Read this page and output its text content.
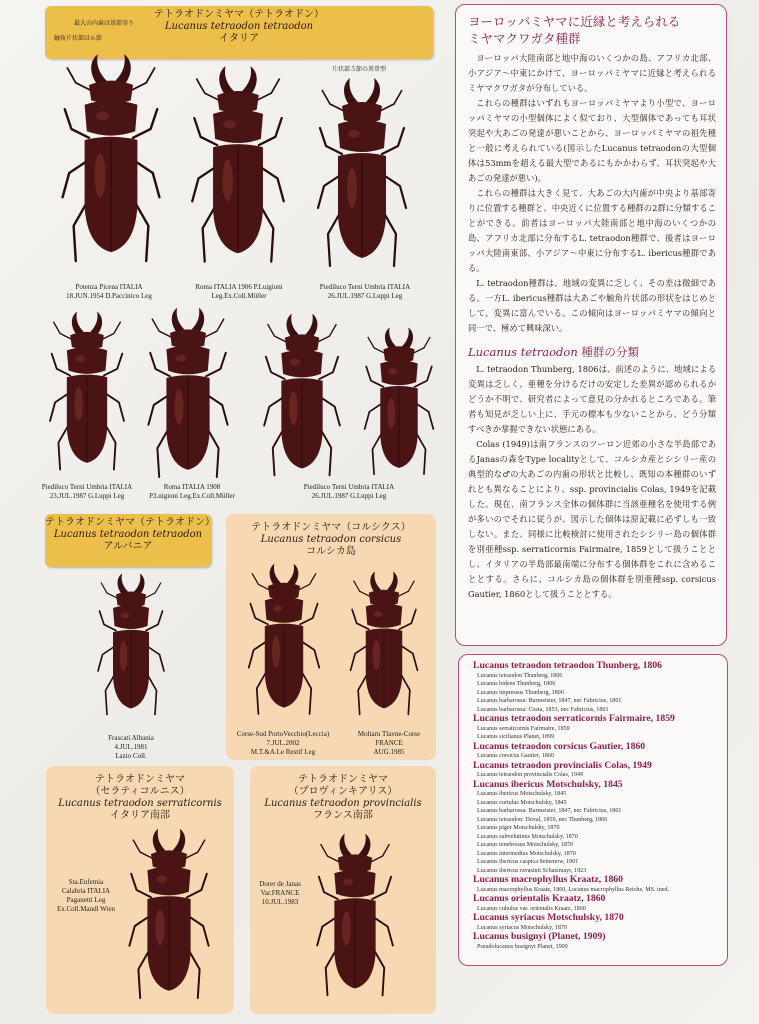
テトラオドンミヤマ（テトラオドン）
Lucanus tetraodon tetraodon
イタリア
最大の内歯は基部寄り
触角片状部は６節
片状部５節の異常型
Potenza Picena ITALIA
18.JUN.1954 D.Paccinico Leg
Roma ITALIA 1906 P.Luigioni
Leg.Ex.Coll.Müller
Piediluco Terni Umbria ITALIA
26.JUL.1987 G.Luppi Leg
Piediluco Terni Umbria ITALIA
23.JUL.1987 G.Luppi Leg
Roma ITALIA 1908
P.Luigioni Leg.Ex.Coll.Müller
Piediluco Terni Umbria ITALIA
26.JUL.1987 G.Luppi Leg
テトラオドンミヤマ（テトラオドン）
Lucanus tetraodon tetraodon
アルバニア
Frascati Albania
4.JUL.1981
Lazio Coll.
テトラオドンミヤマ（コルシクス）
Lucanus tetraodon corsicus
コルシカ島
Corse-Sud PortoVecchio(Leccia)
7.JUL.2002
M.T.&A.Le Restif Leg
Moltaru Tlavne-Corse
FRANCE
AUG.1985
テトラオドンミヤマ
（セラティコルニス）
Lucanus tetraodon serraticornis
イタリア南部
Sta.Eufemia
Calabria ITALIA
Paganetti Leg
Ex.Coll.Mandl Wien
テトラオドンミヤマ
（プロヴィンキアリス）
Lucanus tetraodon provincialis
フランス南部
Dorer de Janas
Var.FRANCE
10.JUL.1983
ヨーロッパミヤマに近縁と考えられる
ミヤマクワガタ種群

ヨーロッパ大陸南部と地中海のいくつかの島、アフリカ北部、小アジア～中東にかけて、ヨーロッパミヤマに近縁と考えられるミヤマクワガタが分布している。

これらの種群はいずれもヨーロッパミヤマより小型で、ヨーロッパミヤマの小型個体によく似ており、大型個体であっても耳状突起や大あごの発達が悪いことから、ヨーロッパミヤマの祖先種と一般に考えられている(図示したLucanus tetraodonの大型個体は53mmを超える最大型であるにもかかわらず、耳状突起や大あごの発達が悪い)。

これらの種群は大きく見て、大あごの大内歯が中央より基部寄りに位置する種群と、中央近くに位置する種群の2群に分類することができる。前者はヨーロッパ大陸南部と地中海のいくつかの島、アフリカ北部に分布するL. tetraodon種群で、後者はヨーロッパ大陸南東部、小アジア～中東に分布するL. ibericus種群である。

L. tetraodon種群は、地域の変異に乏しく、その差は微細である。一方L. ibericus種群は大あごや触角片状部の形状をはじめとして、変異に富んでいる。この傾向はヨーロッパミヤマの傾向と同一で、極めて興味深い。

Lucanus tetraodon 種群の分類

L. tetraodon Thunberg, 1806は、前述のように、地域による変異は乏しく、亜種を分けるだけの安定した差異が認められるかどうか不明で、研究者によって意見の分かれるところである。筆者も知見が乏しい上に、手元の標本も少ないことから、どう分類すべきか掌握できない状態にある。

Colas (1949)は南フランスのツーロン近郊の小さな半島部であるJanasの森をType localityとして、コルシカ産とシシリー産の典型的な♂の大あごの内歯の形状と比較し、既知の本種群のいずれとも異なることにより、ssp. provincialis Colas, 1949を記載した。現在、南フランス全体の個体群に当該亜種名を使用する例が多いのでそれに従うが、図示した個体は原記載に必ずしも一致しない。また、同様に比較検討に使用されたシシリー島の個体群を別亜種ssp. serraticornis Fairmaire, 1859として扱うこととし、イタリアの半島部最南端に分布する個体群をこれに含めることとする。さらに、コルシカ島の個体群を別亜種ssp. corsicus Gautier, 1860として扱うこととする。

Lucanus tetraodon tetraodon Thunberg, 1806
Lucanus tetraodon Thunberg, 1806
Lucanus bidens Thunberg, 1806
Lucanus impressus Thunberg, 1806
Lucanus barbarossa: Burmeister, 1847, nec Fabricius, 1801
Lucanus barbarossa: Costa, 1853, nec Fabricius, 1801
Lucanus tetraodon serraticornis Fairmaire, 1859
Lucanus serraticornis Fairmaire, 1859
Lucanus sicilianus Planet, 1899
Lucanus tetraodon corsicus Gautier, 1860
Lucanus corsicus Gautier, 1860
Lucanus tetraodon provincialis Colas, 1949
Lucanus tetraodon provincialis Colas, 1949
Lucanus ibericus Motschulsky, 1845
Lucanus ibericus Motschulsky, 1845
Lucanus curtulus Motschulsky, 1845
Lucanus barbarossa: Burmeister, 1847, nec Fabricius, 1801
Lucanus tetraodon: Duval, 1859, nec Thunberg, 1806
Lucanus piger Motschulsky, 1870
Lucanus subvelutinus Motschulsky, 1870
Lucanus tenebrosus Motschulsky, 1870
Lucanus intermedius Motschulsky, 1870
Lucanus ibericus caspica Semenow, 1901
Lucanus ibericus ravasinii Schatzmayr, 1923
Lucanus macrophyllus Kraatz, 1860
Lucanus macrophyllus Kraatz, 1860, Lucanus macrophyllus Reiche, MS. ined.
Lucanus orientalis Kraatz, 1860
Lucanus cuhulus var. orientalis Kraatz, 1860
Lucanus syriacus Motschulsky, 1870
Lucanus syriacus Motschulsky, 1870
Lucanus busignyi (Planet, 1909)
Pseudolucanus busignyi Planet, 1909
